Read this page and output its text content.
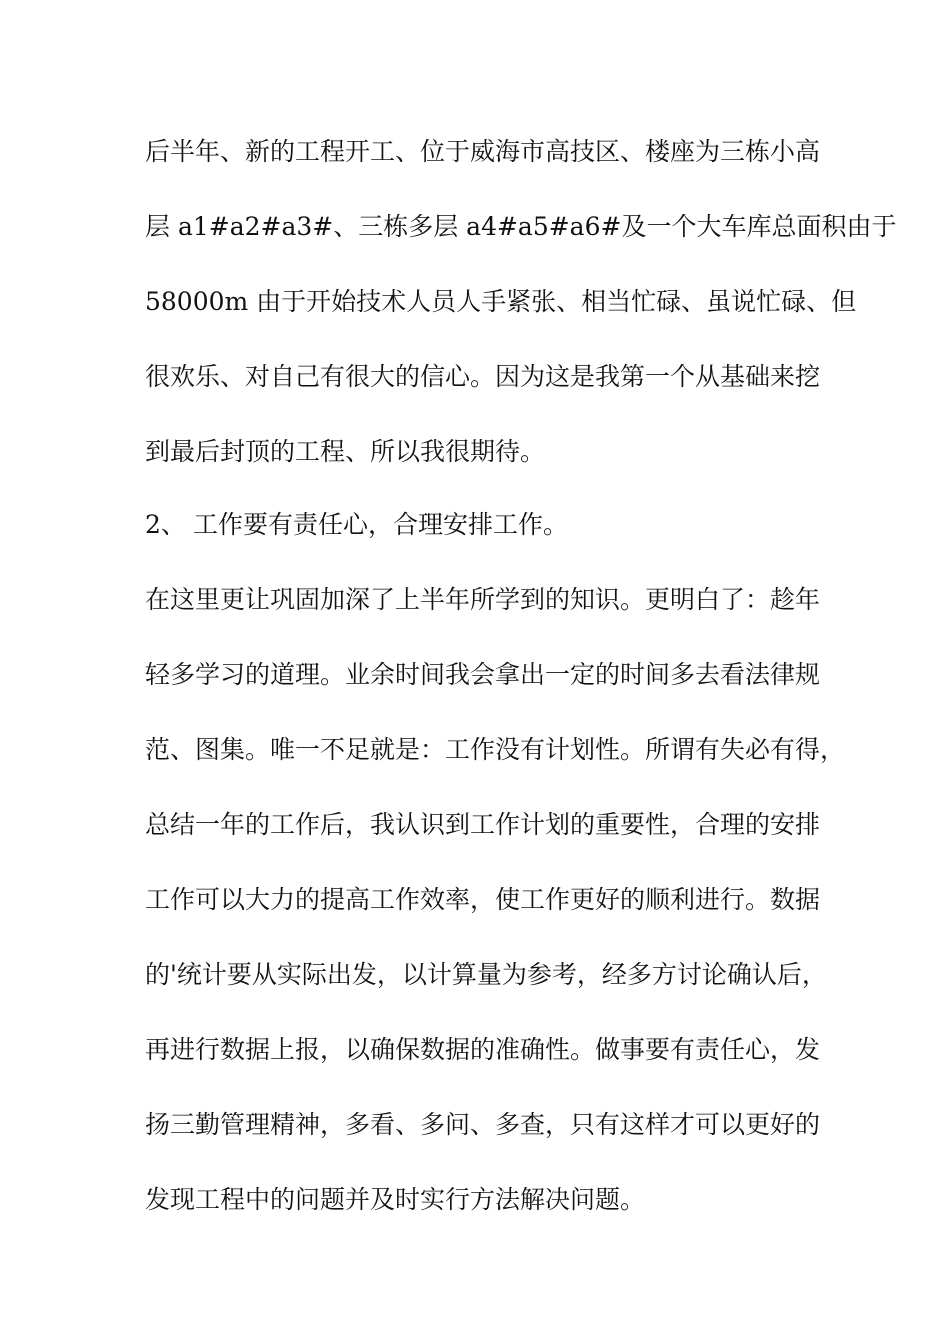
后半年、新的工程开工、位于威海市高技区、楼座为三栋小高
层 a1#a2#a3#、三栋多层 a4#a5#a6#及一个大车库总面积由于
58000m 由于开始技术人员人手紧张、相当忙碌、虽说忙碌、但
很欢乐、对自己有很大的信心。因为这是我第一个从基础来挖
到最后封顶的工程、所以我很期待。
2、 工作要有责任心，合理安排工作。
在这里更让巩固加深了上半年所学到的知识。更明白了：趁年
轻多学习的道理。业余时间我会拿出一定的时间多去看法律规
范、图集。唯一不足就是：工作没有计划性。所谓有失必有得，
总结一年的工作后，我认识到工作计划的重要性，合理的安排
工作可以大力的提高工作效率，使工作更好的顺利进行。数据
的'统计要从实际出发，以计算量为参考，经多方讨论确认后，
再进行数据上报，以确保数据的准确性。做事要有责任心，发
扬三勤管理精神，多看、多问、多查，只有这样才可以更好的
发现工程中的问题并及时实行方法解决问题。
